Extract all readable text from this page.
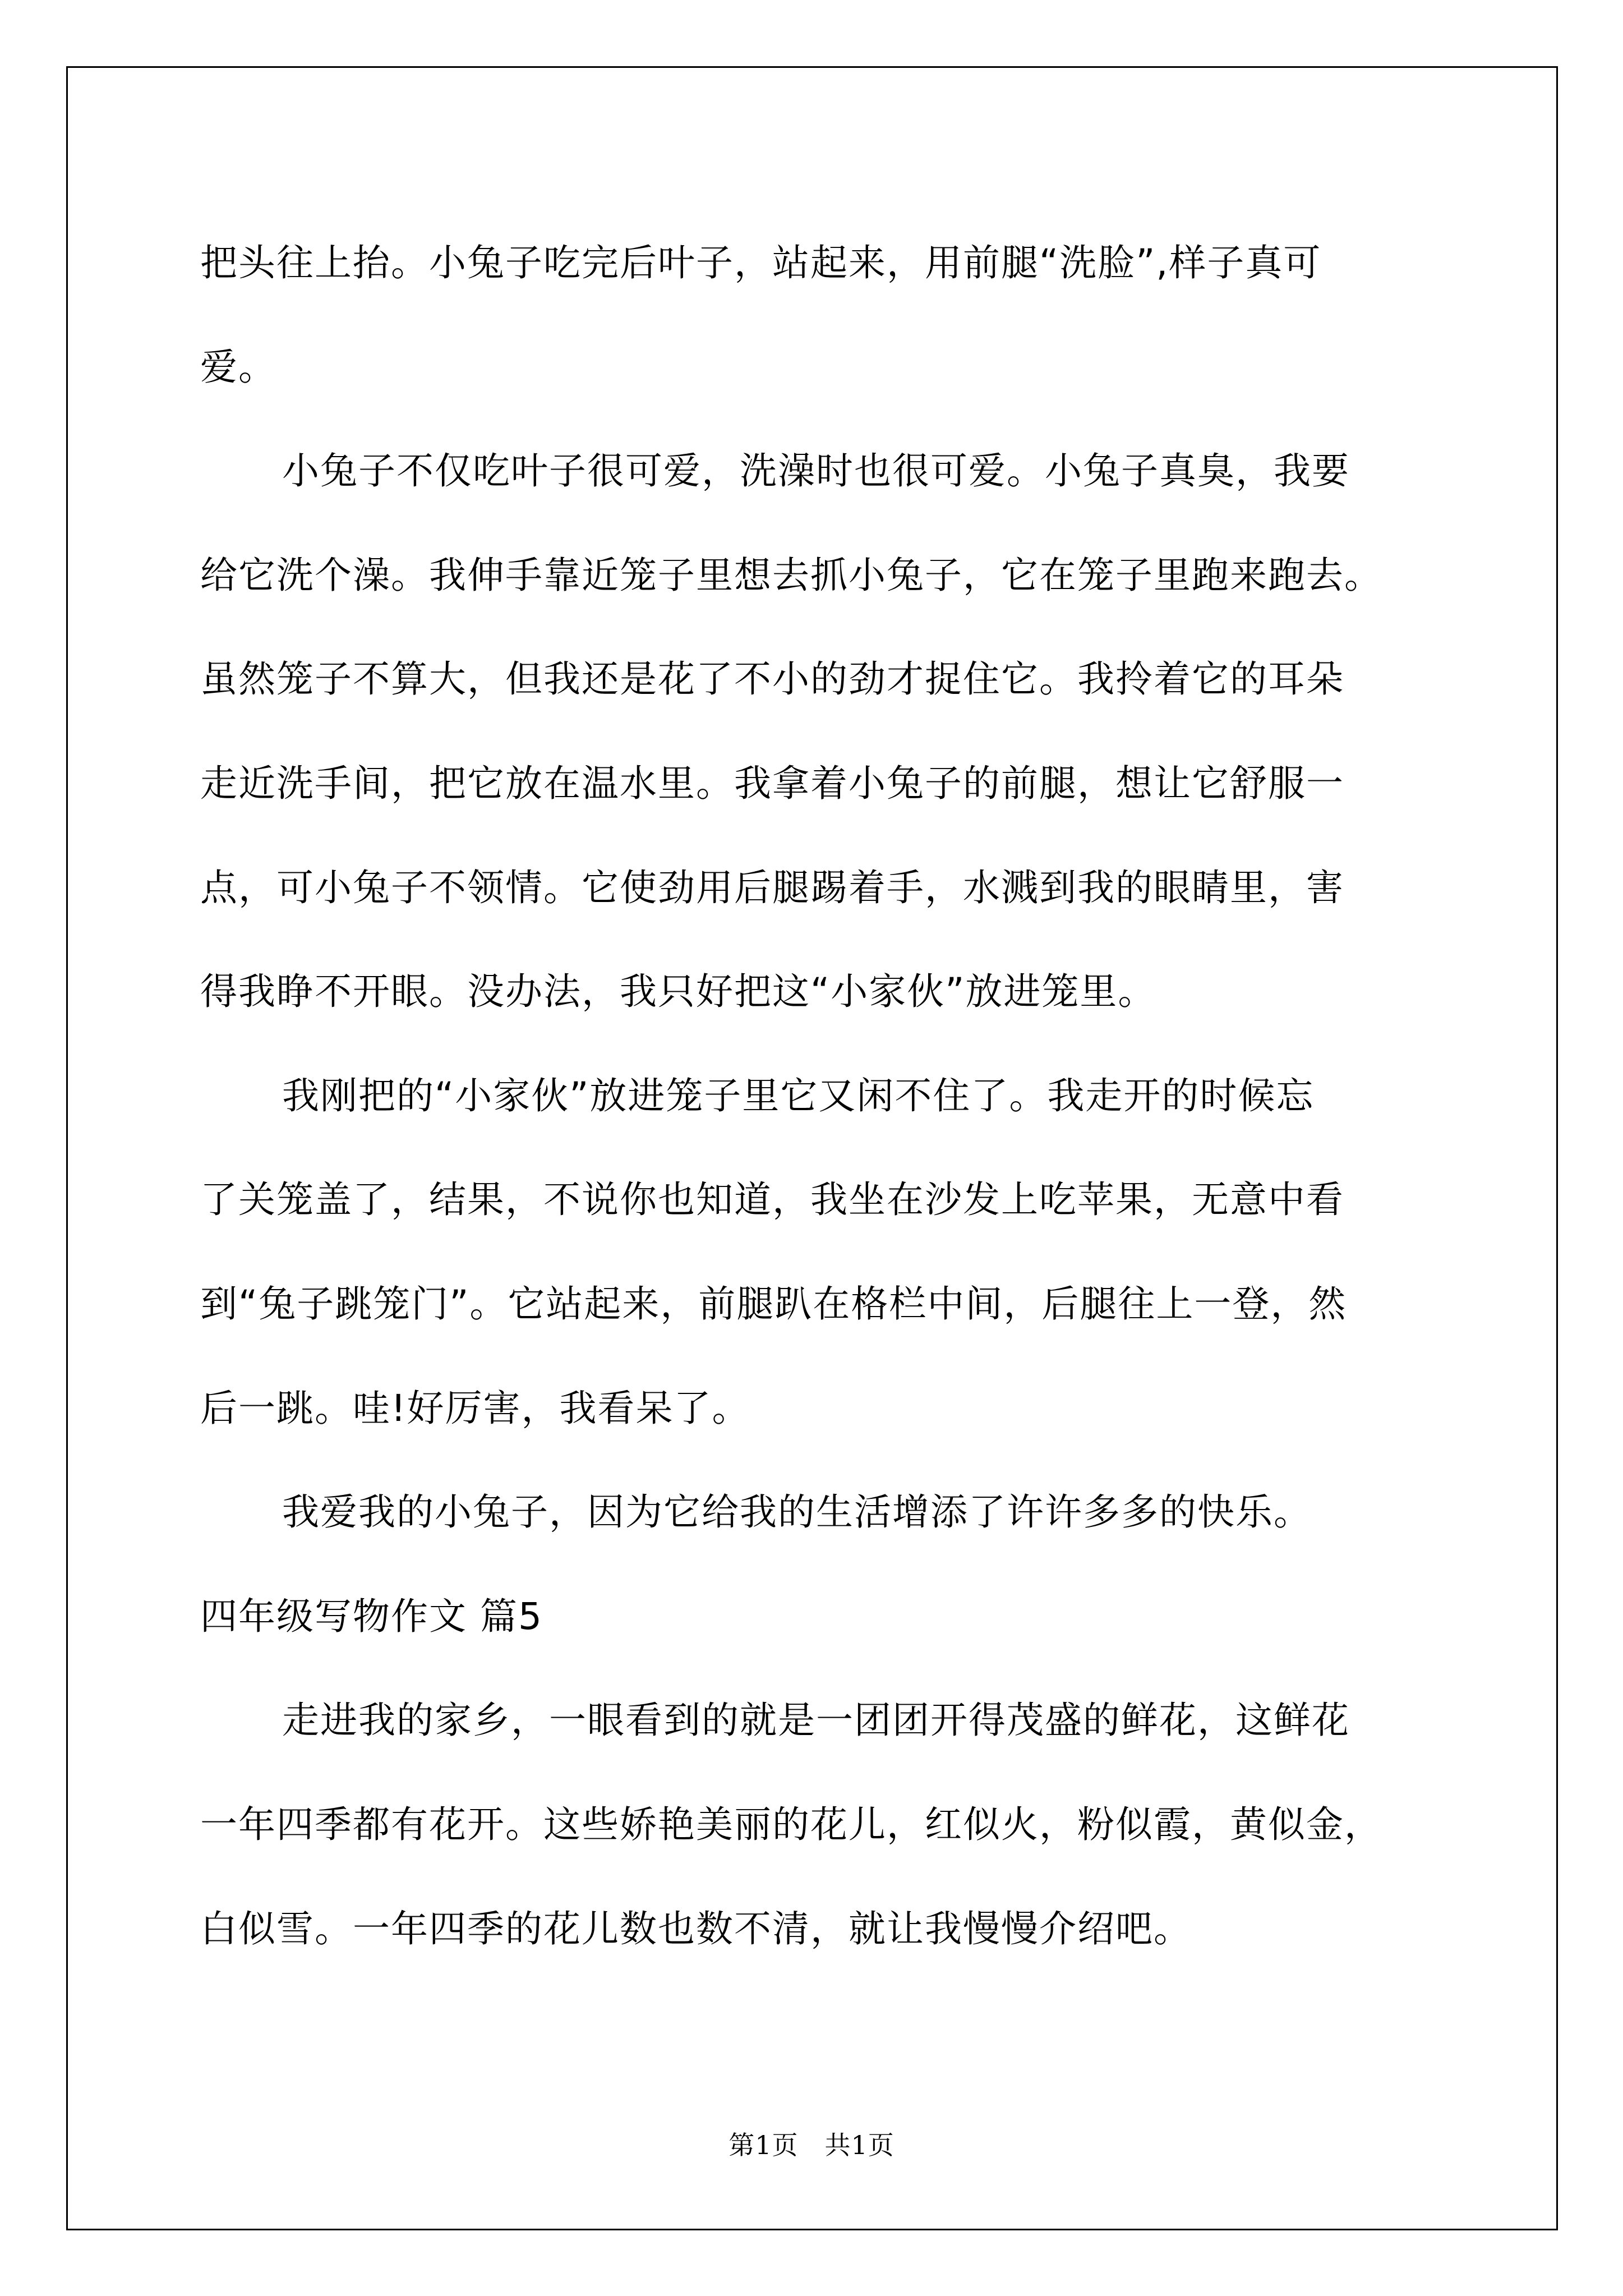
把头往上抬。小兔子吃完后叶子，站起来，用前腿“洗脸”,样子真可
爱。
小兔子不仅吃叶子很可爱，洗澡时也很可爱。小兔子真臭，我要
给它洗个澡。我伸手靠近笼子里想去抓小兔子，它在笼子里跑来跑去。
虽然笼子不算大，但我还是花了不小的劲才捉住它。我拎着它的耳朵
走近洗手间，把它放在温水里。我拿着小兔子的前腿，想让它舒服一
点，可小兔子不领情。它使劲用后腿踢着手，水溅到我的眼睛里，害
得我睁不开眼。没办法，我只好把这“小家伙”放进笼里。
我刚把的“小家伙”放进笼子里它又闲不住了。我走开的时候忘
了关笼盖了，结果，不说你也知道，我坐在沙发上吃苹果，无意中看
到“兔子跳笼门”。它站起来，前腿趴在格栏中间，后腿往上一登，然
后一跳。哇!好厉害，我看呆了。
我爱我的小兔子，因为它给我的生活增添了许许多多的快乐。
四年级写物作文 篇5
走进我的家乡，一眼看到的就是一团团开得茂盛的鲜花，这鲜花
一年四季都有花开。这些娇艳美丽的花儿，红似火，粉似霞，黄似金，
白似雪。一年四季的花儿数也数不清，就让我慢慢介绍吧。
第1页　共1页
